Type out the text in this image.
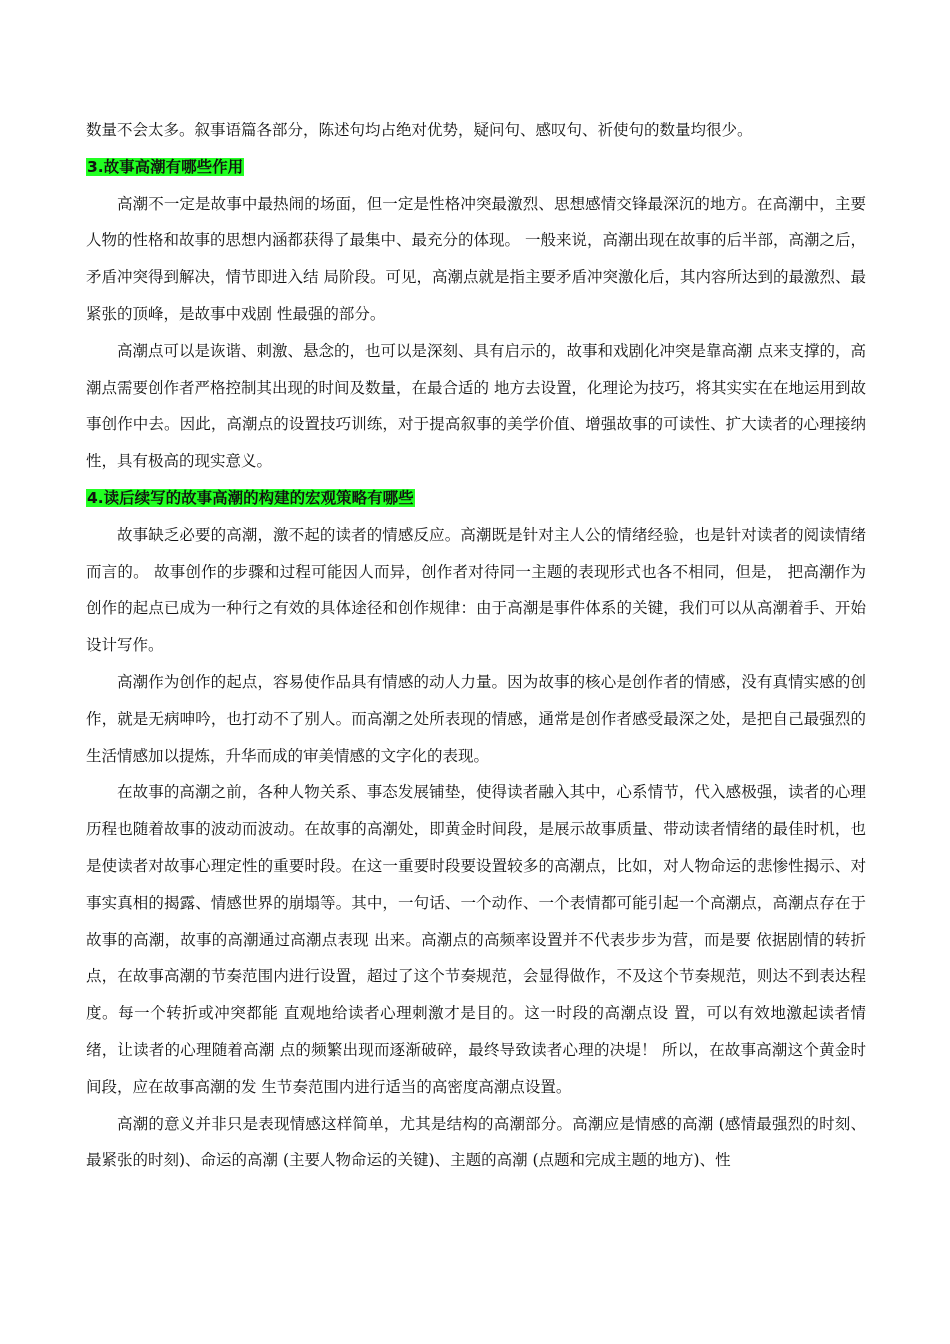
数量不会太多。叙事语篇各部分，陈述句均占绝对优势，疑问句、感叹句、祈使句的数量均很少。

3.故事高潮有哪些作用

高潮不一定是故事中最热闹的场面，但一定是性格冲突最激烈、思想感情交锋最深沉的地方。在高潮中，主要人物的性格和故事的思想内涵都获得了最集中、最充分的体现。 一般来说，高潮出现在故事的后半部，高潮之后，矛盾冲突得到解决，情节即进入结 局阶段。可见，高潮点就是指主要矛盾冲突激化后，其内容所达到的最激烈、最紧张的顶峰，是故事中戏剧 性最强的部分。

高潮点可以是诙谐、刺激、悬念的，也可以是深刻、具有启示的，故事和戏剧化冲突是靠高潮 点来支撑的，高潮点需要创作者严格控制其出现的时间及数量，在最合适的 地方去设置，化理论为技巧，将其实实在在地运用到故事创作中去。因此，高潮点的设置技巧训练，对于提高叙事的美学价值、增强故事的可读性、扩大读者的心理接纳性，具有极高的现实意义。

4.读后续写的故事高潮的构建的宏观策略有哪些

故事缺乏必要的高潮，激不起的读者的情感反应。高潮既是针对主人公的情绪经验，也是针对读者的阅读情绪而言的。 故事创作的步骤和过程可能因人而异，创作者对待同一主题的表现形式也各不相同，但是， 把高潮作为创作的起点已成为一种行之有效的具体途径和创作规律：由于高潮是事件体系的关键，我们可以从高潮着手、开始设计写作。

高潮作为创作的起点，容易使作品具有情感的动人力量。因为故事的核心是创作者的情感，没有真情实感的创作，就是无病呻吟，也打动不了别人。而高潮之处所表现的情感，通常是创作者感受最深之处，是把自己最强烈的生活情感加以提炼，升华而成的审美情感的文字化的表现。

在故事的高潮之前，各种人物关系、事态发展铺垫，使得读者融入其中，心系情节，代入感极强，读者的心理历程也随着故事的波动而波动。在故事的高潮处，即黄金时间段，是展示故事质量、带动读者情绪的最佳时机，也是使读者对故事心理定性的重要时段。在这一重要时段要设置较多的高潮点，比如，对人物命运的悲惨性揭示、对事实真相的揭露、情感世界的崩塌等。其中，一句话、一个动作、一个表情都可能引起一个高潮点，高潮点存在于故事的高潮，故事的高潮通过高潮点表现 出来。高潮点的高频率设置并不代表步步为营，而是要 依据剧情的转折点，在故事高潮的节奏范围内进行设置，超过了这个节奏规范，会显得做作，不及这个节奏规范，则达不到表达程度。每一个转折或冲突都能 直观地给读者心理刺激才是目的。这一时段的高潮点设 置，可以有效地激起读者情绪，让读者的心理随着高潮 点的频繁出现而逐渐破碎，最终导致读者心理的决堤！ 所以，在故事高潮这个黄金时间段，应在故事高潮的发 生节奏范围内进行适当的高密度高潮点设置。

高潮的意义并非只是表现情感这样简单，尤其是结构的高潮部分。高潮应是情感的高潮 (感情最强烈的时刻、最紧张的时刻)、命运的高潮 (主要人物命运的关键)、主题的高潮 (点题和完成主题的地方)、性
